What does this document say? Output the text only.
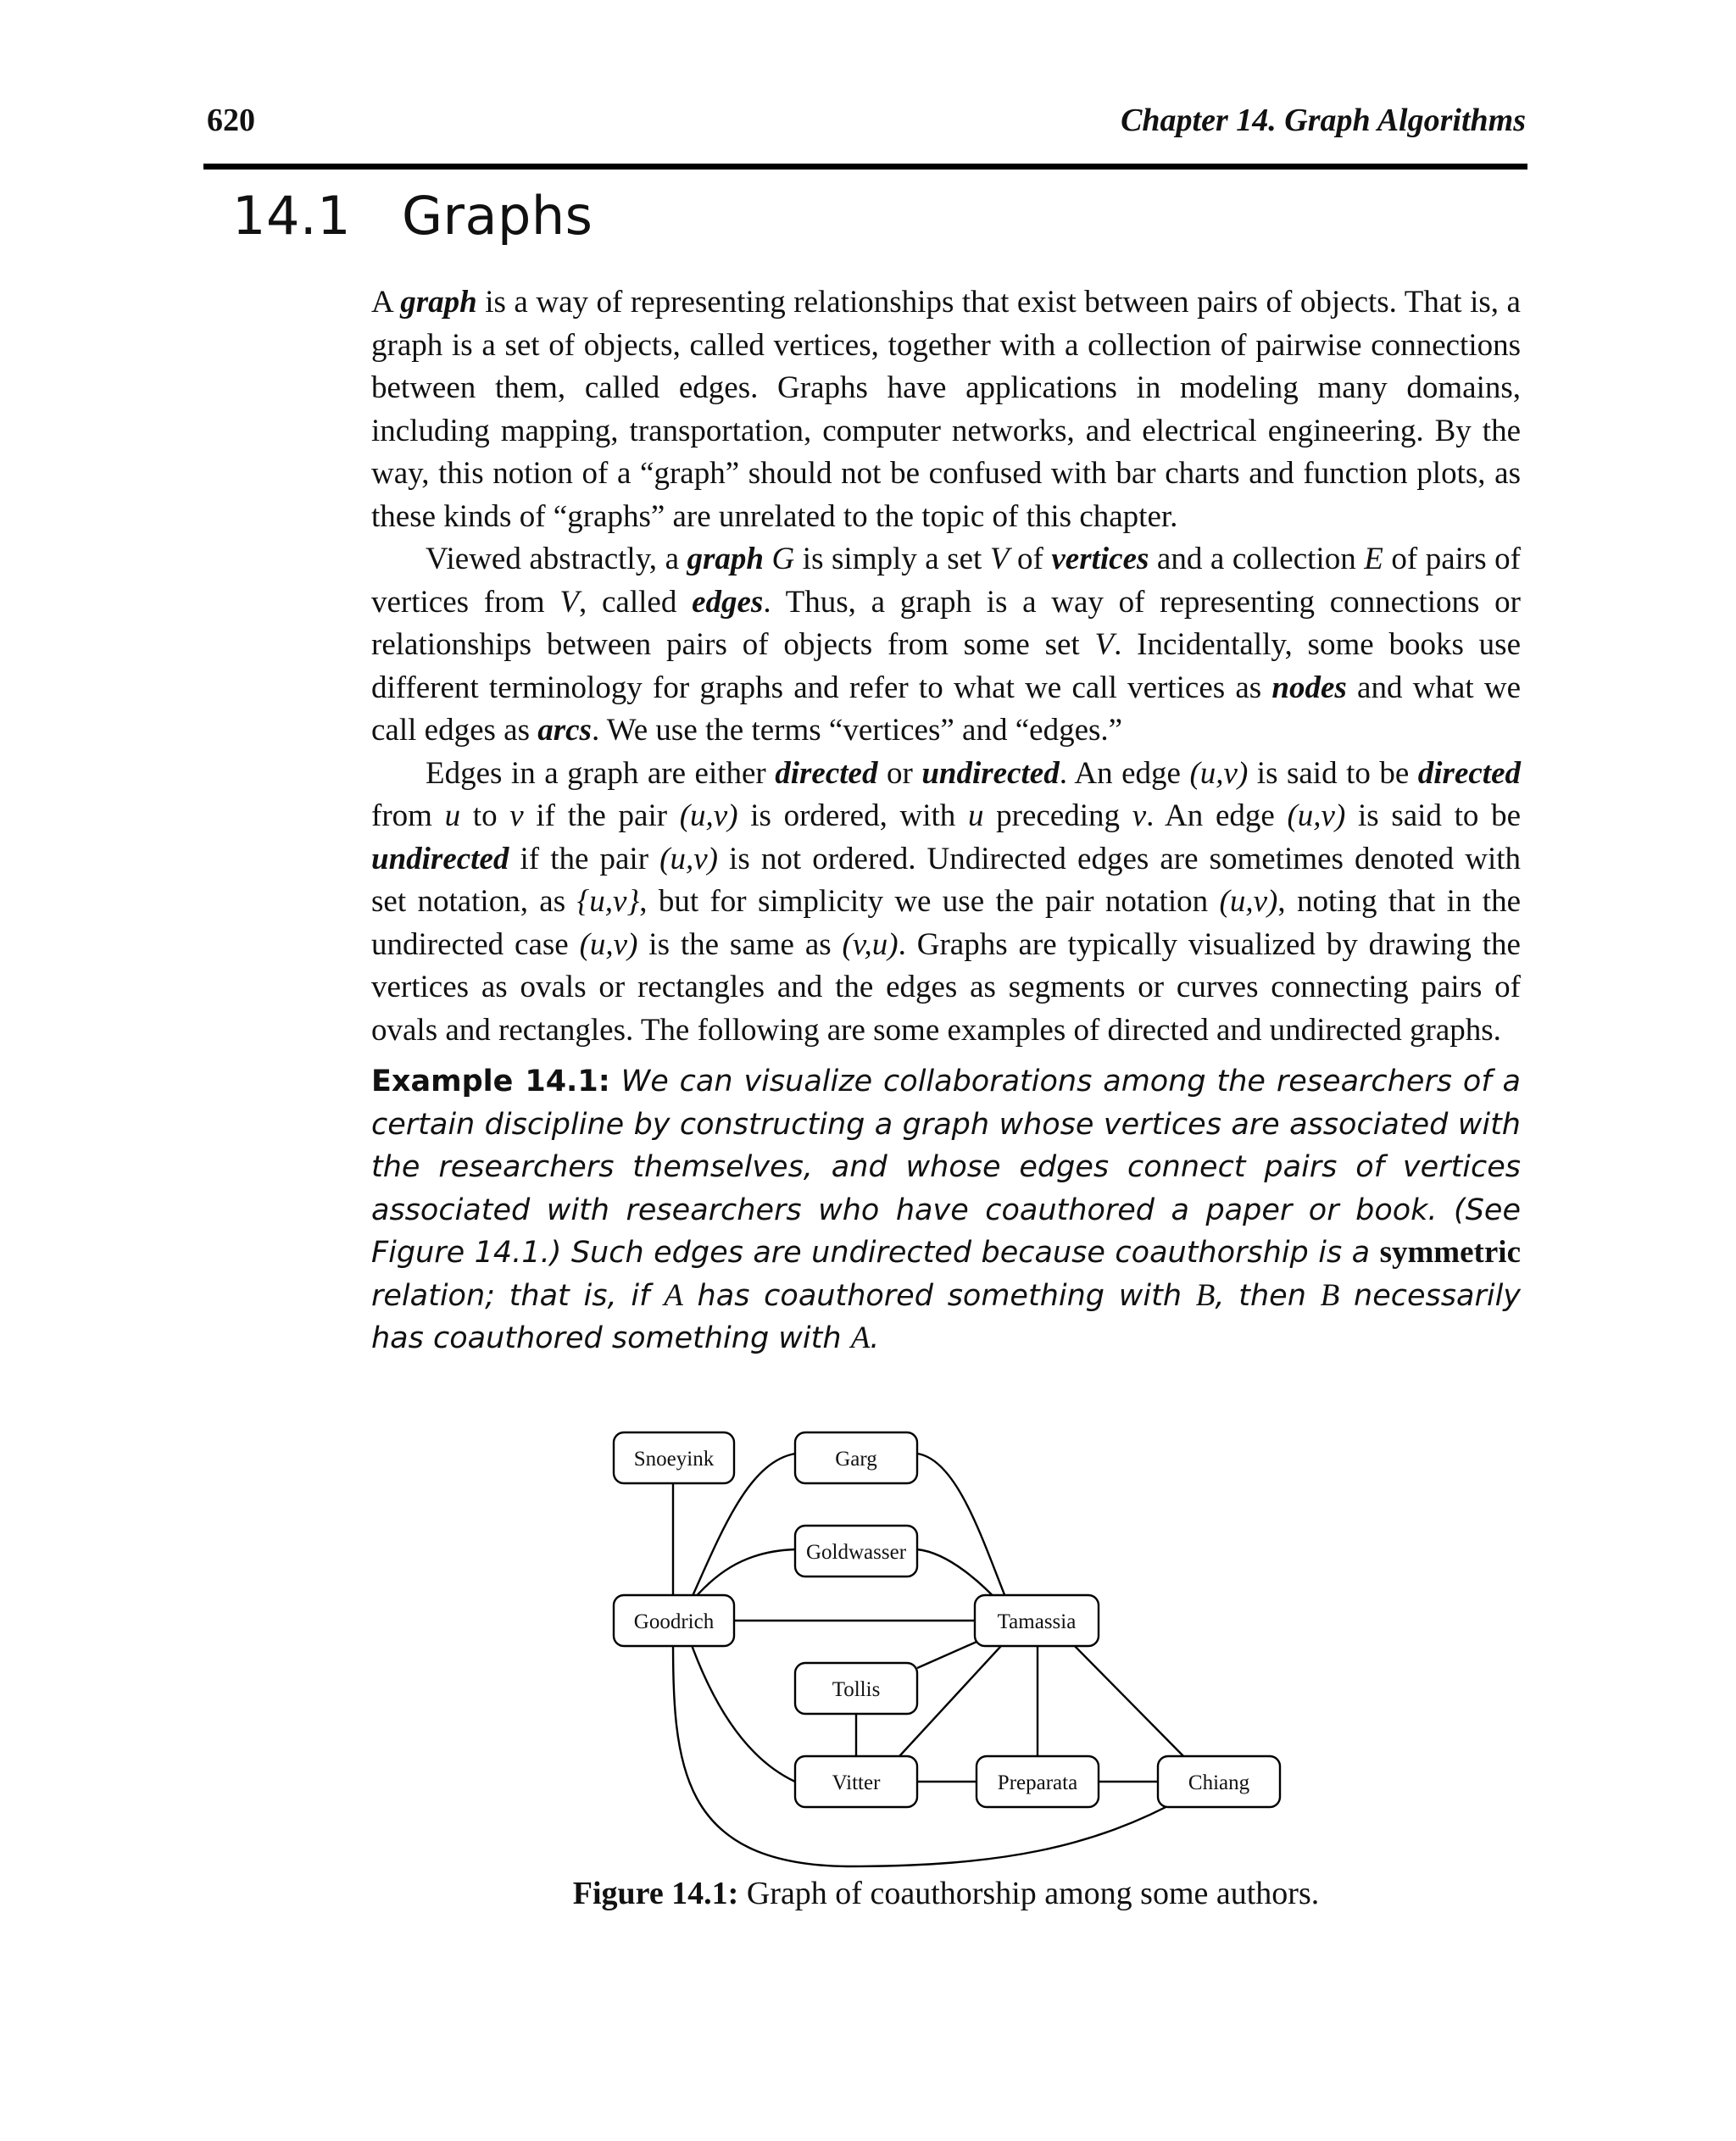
620	Chapter 14. Graph Algorithms
14.1 Graphs

A graph is a way of representing relationships that exist between pairs of objects. That is, a graph is a set of objects, called vertices, together with a collection of pairwise connections between them, called edges. Graphs have applications in modeling many domains, including mapping, transportation, computer networks, and electrical engineering. By the way, this notion of a “graph” should not be confused with bar charts and function plots, as these kinds of “graphs” are unrelated to the topic of this chapter.

Viewed abstractly, a graph G is simply a set V of vertices and a collection E of pairs of vertices from V, called edges. Thus, a graph is a way of representing connections or relationships between pairs of objects from some set V. Incidentally, some books use different terminology for graphs and refer to what we call vertices as nodes and what we call edges as arcs. We use the terms “vertices” and “edges.”

Edges in a graph are either directed or undirected. An edge (u,v) is said to be directed from u to v if the pair (u,v) is ordered, with u preceding v. An edge (u,v) is said to be undirected if the pair (u,v) is not ordered. Undirected edges are sometimes denoted with set notation, as {u,v}, but for simplicity we use the pair notation (u,v), noting that in the undirected case (u,v) is the same as (v,u). Graphs are typically visualized by drawing the vertices as ovals or rectangles and the edges as segments or curves connecting pairs of ovals and rectangles. The following are some examples of directed and undirected graphs.

Example 14.1: We can visualize collaborations among the researchers of a certain discipline by constructing a graph whose vertices are associated with the researchers themselves, and whose edges connect pairs of vertices associated with researchers who have coauthored a paper or book. (See Figure 14.1.) Such edges are undirected because coauthorship is a symmetric relation; that is, if A has coauthored something with B, then B necessarily has coauthored something with A.

Snoeyink	Garg
Goldwasser
Goodrich	Tamassia
Tollis
Vitter	Preparata	Chiang
Figure 14.1: Graph of coauthorship among some authors.
